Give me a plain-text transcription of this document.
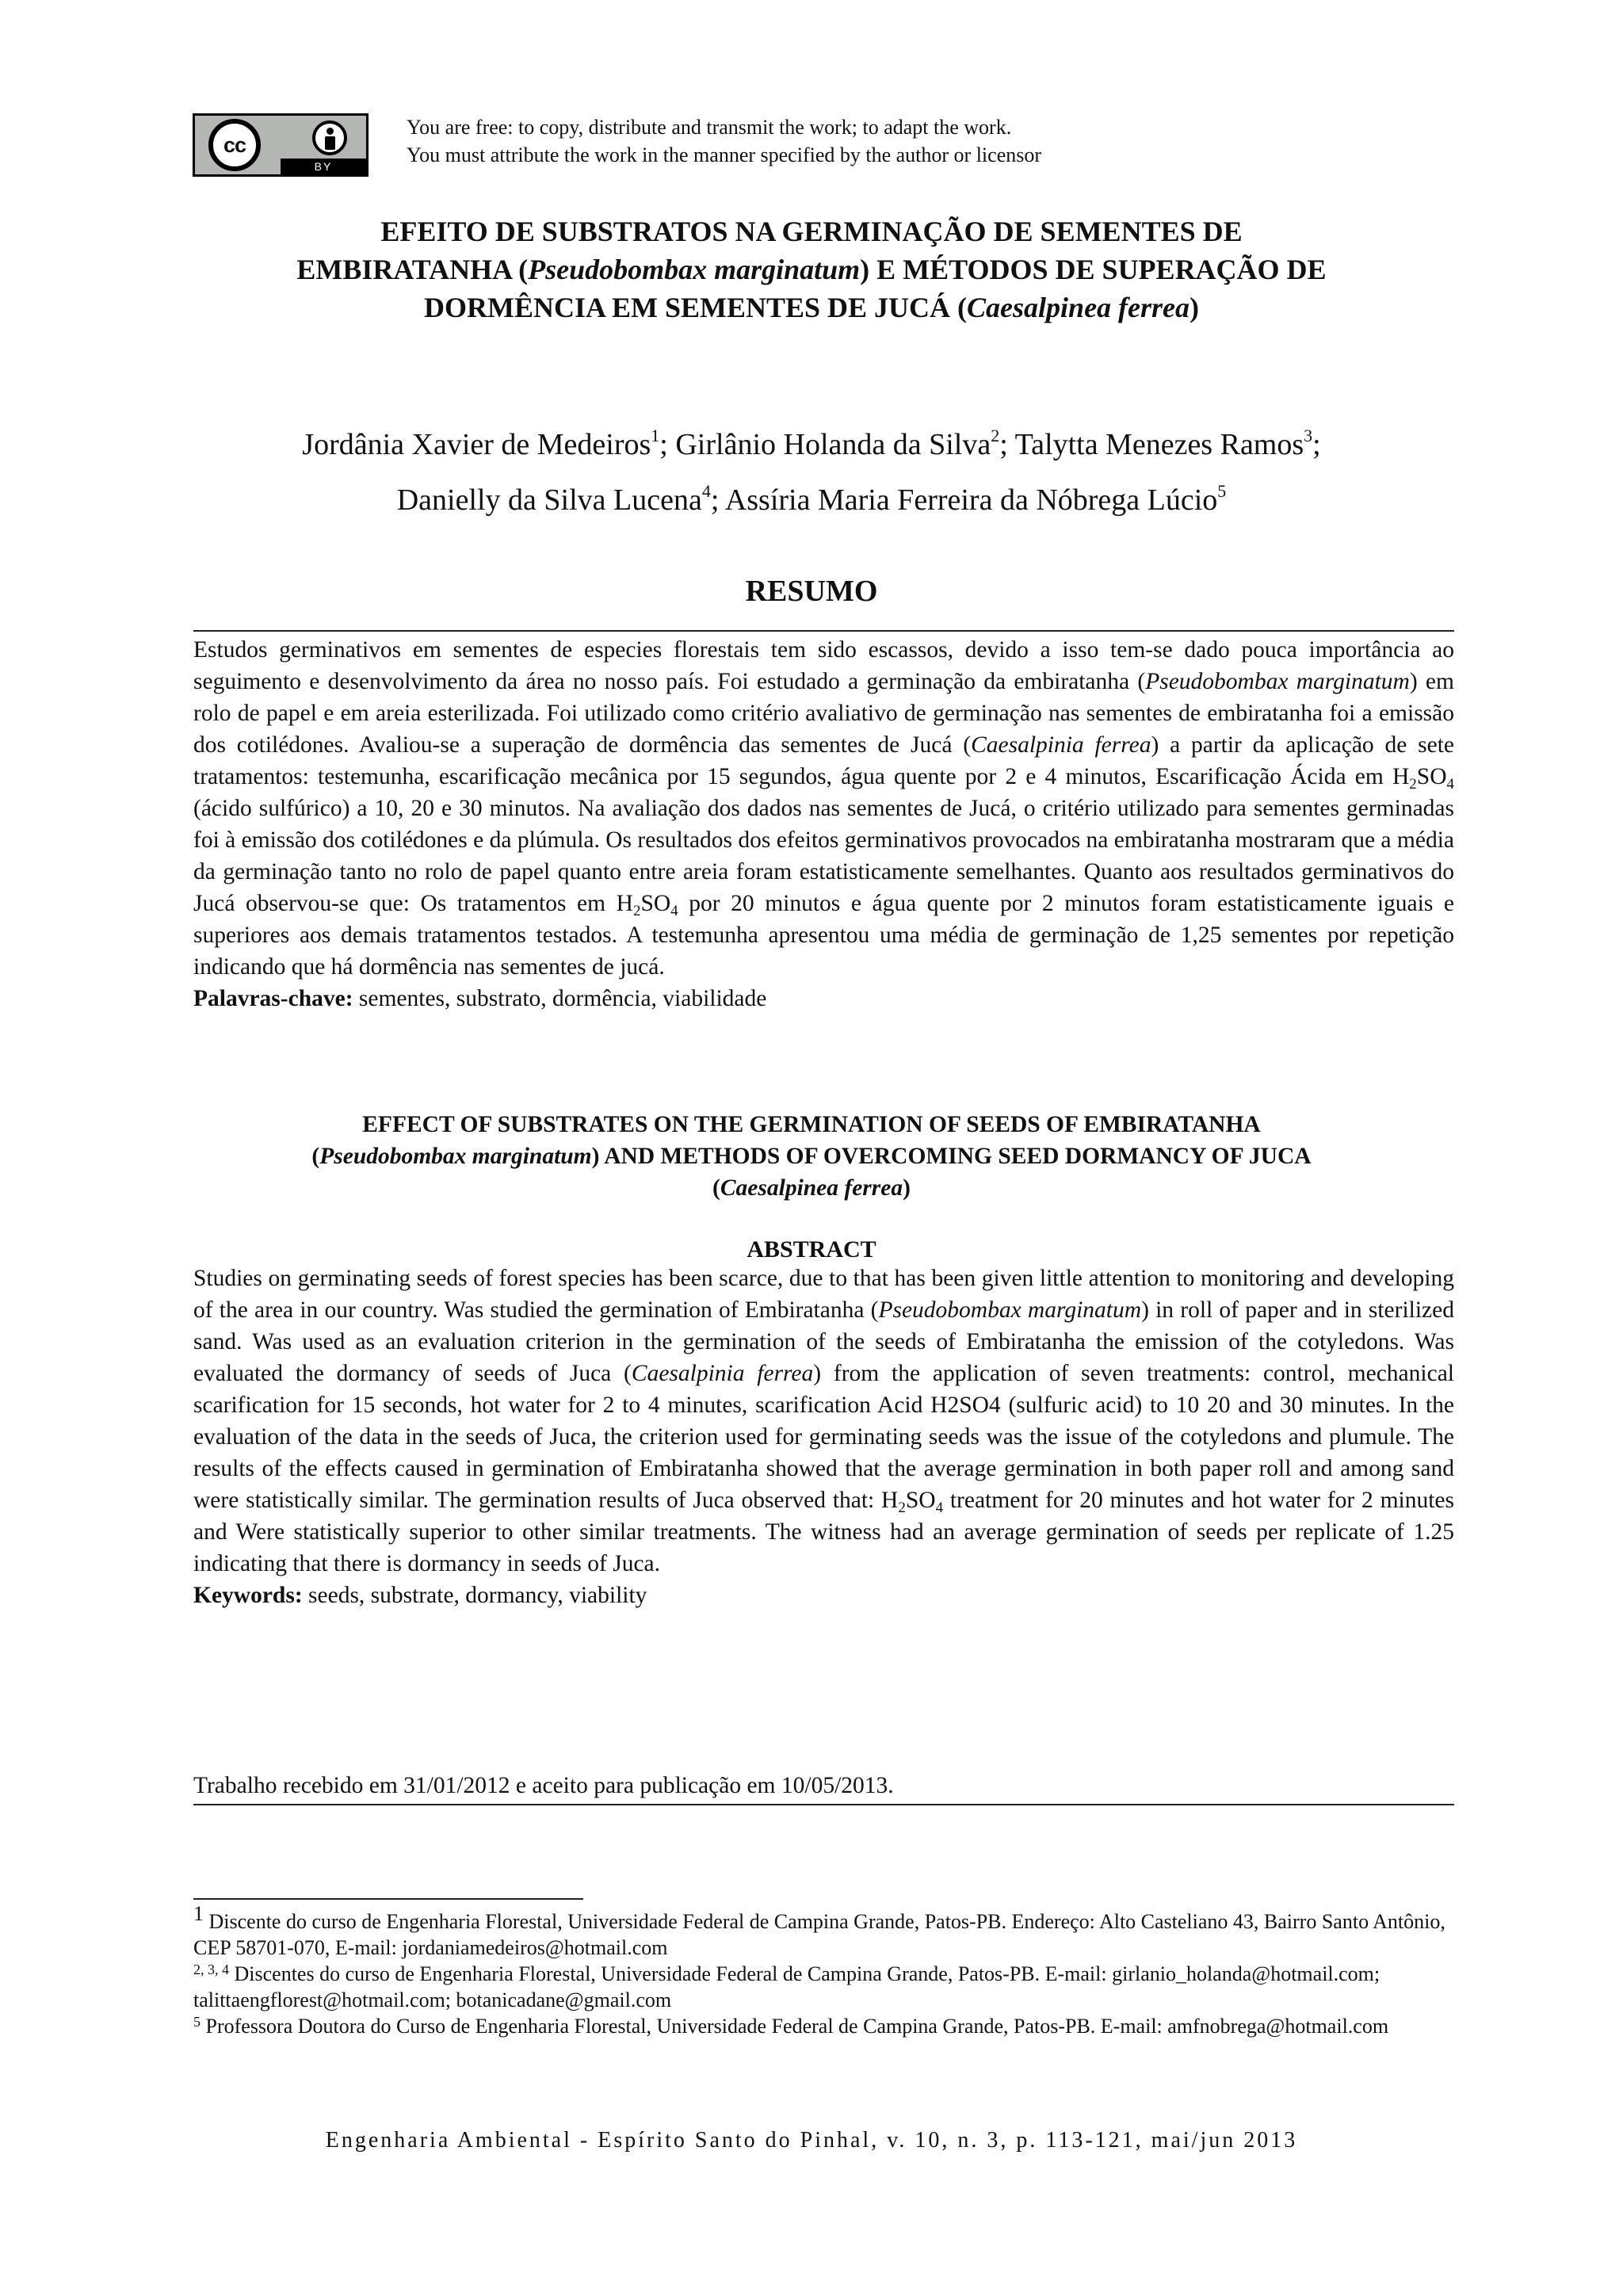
cc
BY
You are free: to copy, distribute and transmit the work; to adapt the work.
You must attribute the work in the manner specified by the author or licensor
EFEITO DE SUBSTRATOS NA GERMINAÇÃO DE SEMENTES DE
EMBIRATANHA (Pseudobombax marginatum) E MÉTODOS DE SUPERAÇÃO DE
DORMÊNCIA EM SEMENTES DE JUCÁ (Caesalpinea ferrea)
Jordânia Xavier de Medeiros$^1$; Girlânio Holanda da Silva$^2$; Talytta Menezes Ramos$^3$;
Danielly da Silva Lucena$^4$; Assíria Maria Ferreira da Nóbrega Lúcio$^5$
RESUMO
Estudos germinativos em sementes de especies florestais tem sido escassos, devido a isso tem-se dado pouca importância ao seguimento e desenvolvimento da área no nosso país. Foi estudado a germinação da embiratanha (Pseudobombax marginatum) em rolo de papel e em areia esterilizada. Foi utilizado como critério avaliativo de germinação nas sementes de embiratanha foi a emissão dos cotilédones. Avaliou-se a superação de dormência das sementes de Jucá (Caesalpinia ferrea) a partir da aplicação de sete tratamentos: testemunha, escarificação mecânica por 15 segundos, água quente por 2 e 4 minutos, Escarificação Ácida em $H_2SO_4$ (ácido sulfúrico) a 10, 20 e 30 minutos. Na avaliação dos dados nas sementes de Jucá, o critério utilizado para sementes germinadas foi à emissão dos cotilédones e da plúmula. Os resultados dos efeitos germinativos provocados na embiratanha mostraram que a média da germinação tanto no rolo de papel quanto entre areia foram estatisticamente semelhantes. Quanto aos resultados germinativos do Jucá observou-se que: Os tratamentos em $H_2SO_4$ por 20 minutos e água quente por 2 minutos foram estatisticamente iguais e superiores aos demais tratamentos testados. A testemunha apresentou uma média de germinação de 1,25 sementes por repetição indicando que há dormência nas sementes de jucá.
Palavras-chave: sementes, substrato, dormência, viabilidade
EFFECT OF SUBSTRATES ON THE GERMINATION OF SEEDS OF EMBIRATANHA
(Pseudobombax marginatum) AND METHODS OF OVERCOMING SEED DORMANCY OF JUCA
(Caesalpinea ferrea)
ABSTRACT
Studies on germinating seeds of forest species has been scarce, due to that has been given little attention to monitoring and developing of the area in our country. Was studied the germination of Embiratanha (Pseudobombax marginatum) in roll of paper and in sterilized sand. Was used as an evaluation criterion in the germination of the seeds of Embiratanha the emission of the cotyledons. Was evaluated the dormancy of seeds of Juca (Caesalpinia ferrea) from the application of seven treatments: control, mechanical scarification for 15 seconds, hot water for 2 to 4 minutes, scarification Acid H2SO4 (sulfuric acid) to 10 20 and 30 minutes. In the evaluation of the data in the seeds of Juca, the criterion used for germinating seeds was the issue of the cotyledons and plumule. The results of the effects caused in germination of Embiratanha showed that the average germination in both paper roll and among sand were statistically similar. The germination results of Juca observed that: $H_2SO_4$ treatment for 20 minutes and hot water for 2 minutes and Were statistically superior to other similar treatments. The witness had an average germination of seeds per replicate of 1.25 indicating that there is dormancy in seeds of Juca.
Keywords: seeds, substrate, dormancy, viability
Trabalho recebido em 31/01/2012 e aceito para publicação em 10/05/2013.
$^1$ Discente do curso de Engenharia Florestal, Universidade Federal de Campina Grande, Patos-PB. Endereço: Alto Casteliano 43, Bairro Santo Antônio, CEP 58701-070, E-mail: jordaniamedeiros@hotmail.com
$^{2, 3, 4}$ Discentes do curso de Engenharia Florestal, Universidade Federal de Campina Grande, Patos-PB. E-mail: girlanio_holanda@hotmail.com; talittaengflorest@hotmail.com; botanicadane@gmail.com
$^5$ Professora Doutora do Curso de Engenharia Florestal, Universidade Federal de Campina Grande, Patos-PB. E-mail: amfnobrega@hotmail.com
Engenharia Ambiental - Espírito Santo do Pinhal, v. 10, n. 3, p. 113-121, mai/jun 2013
